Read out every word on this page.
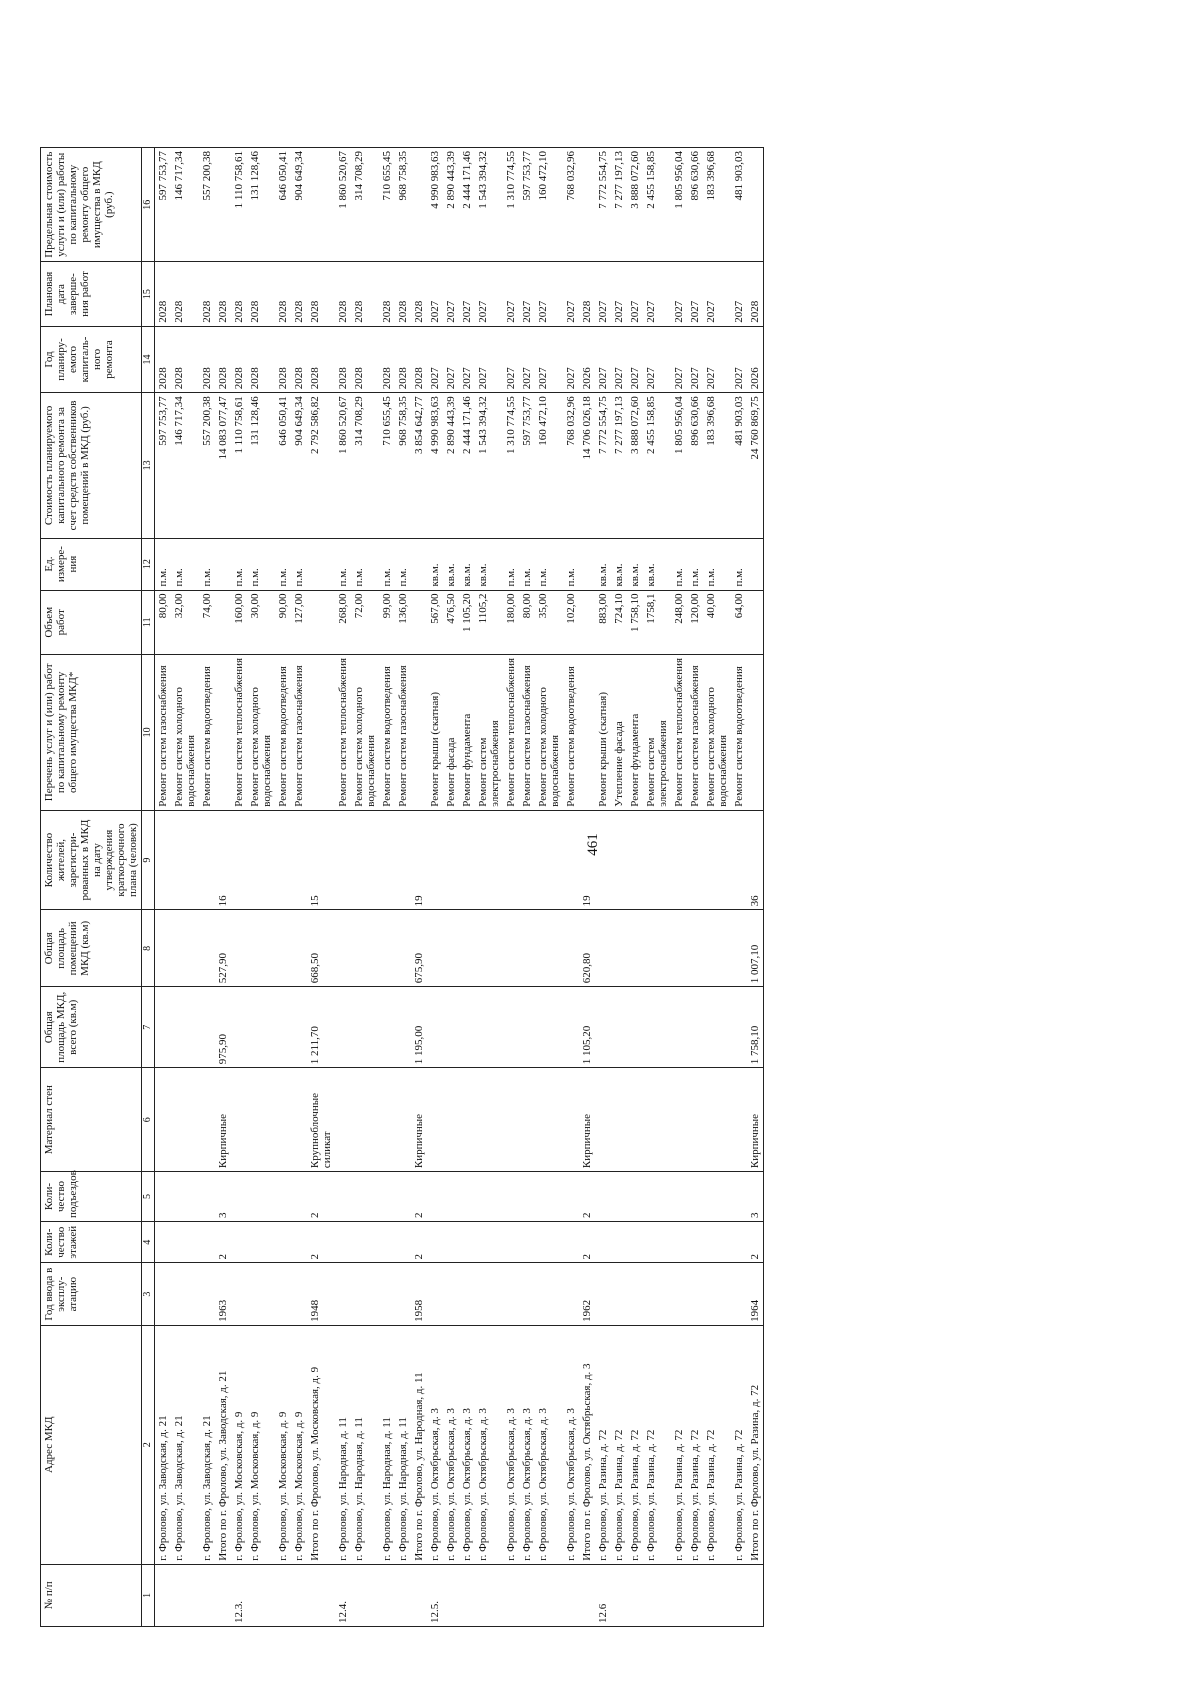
461
№ п/п	Адрес МКД	Год ввода в эксплу-атацию	Коли-чество этажей	Коли-чество подъездов	Материал стен	Общая площадь МКД, всего (кв.м)	Общая площадь помещений МКД (кв.м)	Количество жителей, зарегистри-рованных в МКД на дату утверждения краткосрочного плана (человек)	Перечень услуг и (или) работ по капитальному ремонту общего имущества МКД*	Объем работ	Ед. измере-ния	Стоимость планируемого капитального ремонта за счет средств собственников помещений в МКД (руб.)	Год планиру-емого капиталь-ного ремонта	Плановая дата заверше-ния работ	Предельная стоимость услуги и (или) работы по капитальному ремонту общего имущества в МКД (руб.)
1	2	3	4	5	6	7	8	9	10	11	12	13	14	15	16
	г. Фролово, ул. Заводская, д. 21								Ремонт систем газоснабжения	80,00	п.м.	597 753,77	2028	2028	597 753,77
	г. Фролово, ул. Заводская, д. 21								Ремонт систем холодного водоснабжения	32,00	п.м.	146 717,34	2028	2028	146 717,34
	г. Фролово, ул. Заводская, д. 21								Ремонт систем водоотведения	74,00	п.м.	557 200,38	2028	2028	557 200,38
	Итого по г. Фролово, ул. Заводская, д. 21	1963	2	3	Кирпичные	975,90	527,90	16				14 083 077,47	2028	2028	
12.3.	г. Фролово, ул. Московская, д. 9								Ремонт систем теплоснабжения	160,00	п.м.	1 110 758,61	2028	2028	1 110 758,61
	г. Фролово, ул. Московская, д. 9								Ремонт систем холодного водоснабжения	30,00	п.м.	131 128,46	2028	2028	131 128,46
	г. Фролово, ул. Московская, д. 9								Ремонт систем водоотведения	90,00	п.м.	646 050,41	2028	2028	646 050,41
	г. Фролово, ул. Московская, д. 9								Ремонт систем газоснабжения	127,00	п.м.	904 649,34	2028	2028	904 649,34
	Итого по г. Фролово, ул. Московская, д. 9	1948	2	2	Крупноблочные силикат	1 211,70	668,50	15				2 792 586,82	2028	2028	
12.4.	г. Фролово, ул. Народная, д. 11								Ремонт систем теплоснабжения	268,00	п.м.	1 860 520,67	2028	2028	1 860 520,67
	г. Фролово, ул. Народная, д. 11								Ремонт систем холодного водоснабжения	72,00	п.м.	314 708,29	2028	2028	314 708,29
	г. Фролово, ул. Народная, д. 11								Ремонт систем водоотведения	99,00	п.м.	710 655,45	2028	2028	710 655,45
	г. Фролово, ул. Народная, д. 11								Ремонт систем газоснабжения	136,00	п.м.	968 758,35	2028	2028	968 758,35
	Итого по г. Фролово, ул. Народная, д. 11	1958	2	2	Кирпичные	1 195,00	675,90	19				3 854 642,77	2028	2028	
12.5.	г. Фролово, ул. Октябрьская, д. 3								Ремонт крыши (скатная)	567,00	кв.м.	4 990 983,63	2027	2027	4 990 983,63
	г. Фролово, ул. Октябрьская, д. 3								Ремонт фасада	476,50	кв.м.	2 890 443,39	2027	2027	2 890 443,39
	г. Фролово, ул. Октябрьская, д. 3								Ремонт фундамента	1 105,20	кв.м.	2 444 171,46	2027	2027	2 444 171,46
	г. Фролово, ул. Октябрьская, д. 3								Ремонт систем электроснабжения	1105,2	кв.м.	1 543 394,32	2027	2027	1 543 394,32
	г. Фролово, ул. Октябрьская, д. 3								Ремонт систем теплоснабжения	180,00	п.м.	1 310 774,55	2027	2027	1 310 774,55
	г. Фролово, ул. Октябрьская, д. 3								Ремонт систем газоснабжения	80,00	п.м.	597 753,77	2027	2027	597 753,77
	г. Фролово, ул. Октябрьская, д. 3								Ремонт систем холодного водоснабжения	35,00	п.м.	160 472,10	2027	2027	160 472,10
	г. Фролово, ул. Октябрьская, д. 3								Ремонт систем водоотведения	102,00	п.м.	768 032,96	2027	2027	768 032,96
	Итого по г. Фролово, ул. Октябрьская, д. 3	1962	2	2	Кирпичные	1 105,20	620,80	19				14 706 026,18	2026	2028	
12.6	г. Фролово, ул. Разина, д. 72								Ремонт крыши (скатная)	883,00	кв.м.	7 772 554,75	2027	2027	7 772 554,75
	г. Фролово, ул. Разина, д. 72								Утепление фасада	724,10	кв.м.	7 277 197,13	2027	2027	7 277 197,13
	г. Фролово, ул. Разина, д. 72								Ремонт фундамента	1 758,10	кв.м.	3 888 072,60	2027	2027	3 888 072,60
	г. Фролово, ул. Разина, д. 72								Ремонт систем электроснабжения	1758,1	кв.м.	2 455 158,85	2027	2027	2 455 158,85
	г. Фролово, ул. Разина, д. 72								Ремонт систем теплоснабжения	248,00	п.м.	1 805 956,04	2027	2027	1 805 956,04
	г. Фролово, ул. Разина, д. 72								Ремонт систем газоснабжения	120,00	п.м.	896 630,66	2027	2027	896 630,66
	г. Фролово, ул. Разина, д. 72								Ремонт систем холодного водоснабжения	40,00	п.м.	183 396,68	2027	2027	183 396,68
	г. Фролово, ул. Разина, д. 72								Ремонт систем водоотведения	64,00	п.м.	481 903,03	2027	2027	481 903,03
	Итого по г. Фролово, ул. Разина, д. 72	1964	2	3	Кирпичные	1 758,10	1 007,10	36				24 760 869,75	2026	2028	
